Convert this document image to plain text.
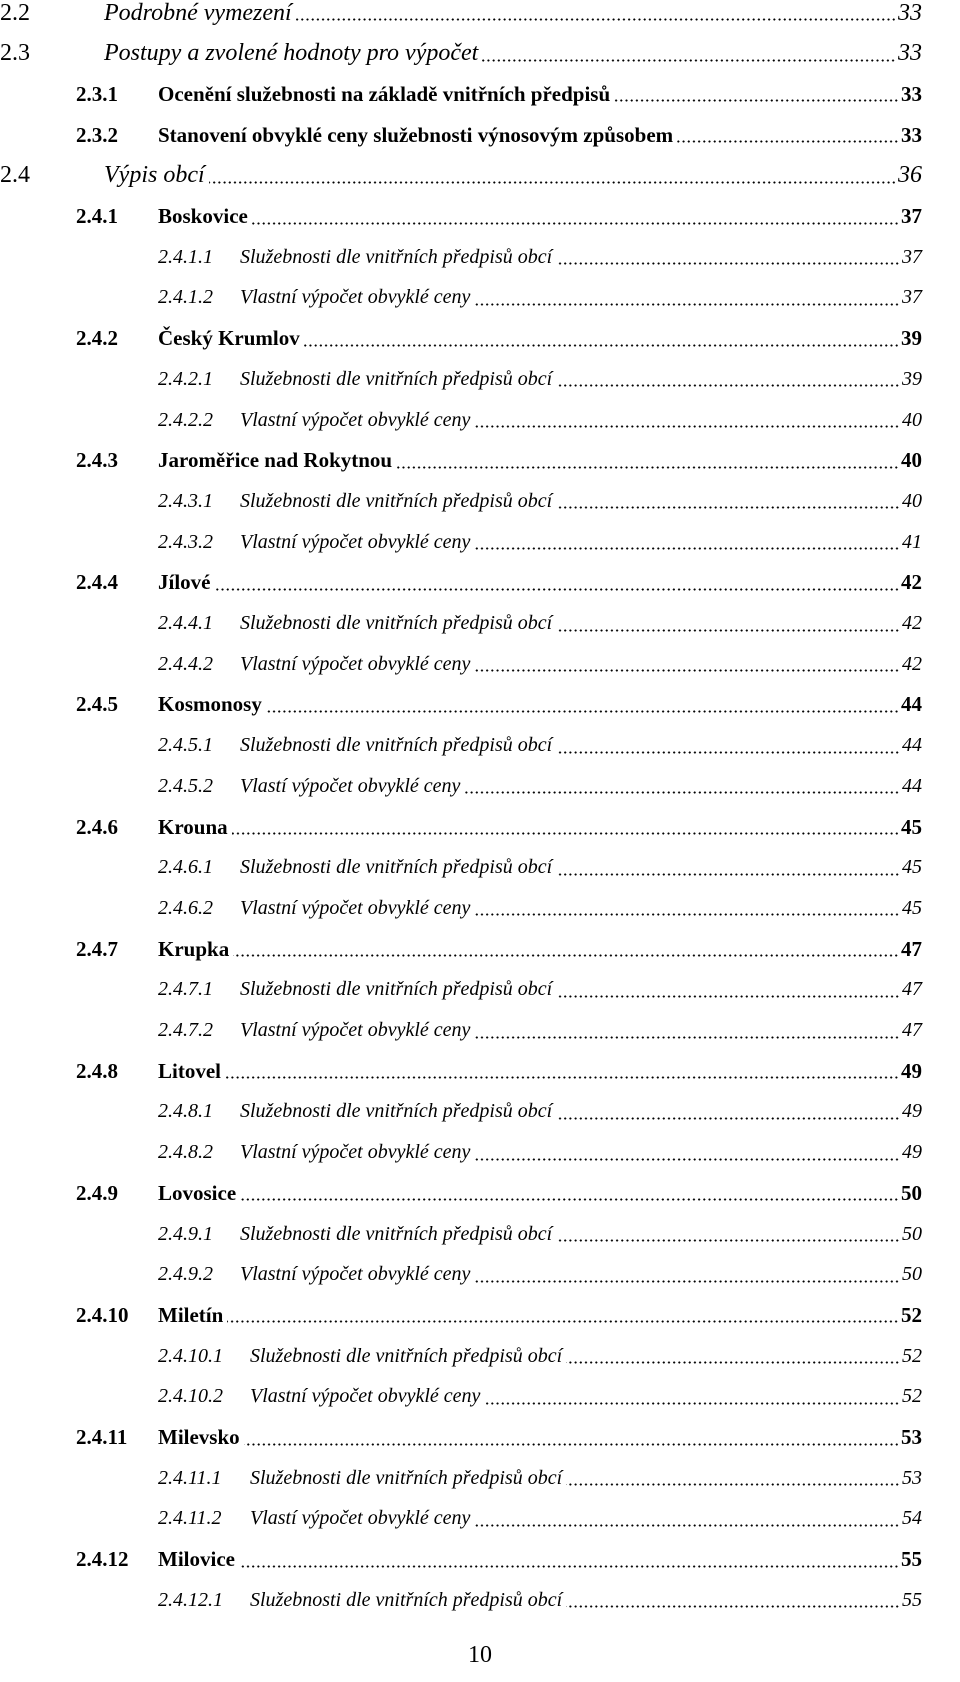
2.2	Podrobné vymezení	33
2.3	Postupy a zvolené hodnoty pro výpočet	33
2.3.1	Ocenění služebnosti na základě vnitřních předpisů	33
2.3.2	Stanovení obvyklé ceny služebnosti výnosovým způsobem	33
2.4	Výpis obcí	36
2.4.1	Boskovice	37
2.4.1.1	Služebnosti dle vnitřních předpisů obcí	37
2.4.1.2	Vlastní výpočet obvyklé ceny	37
2.4.2	Český Krumlov	39
2.4.2.1	Služebnosti dle vnitřních předpisů obcí	39
2.4.2.2	Vlastní výpočet obvyklé ceny	40
2.4.3	Jaroměřice nad Rokytnou	40
2.4.3.1	Služebnosti dle vnitřních předpisů obcí	40
2.4.3.2	Vlastní výpočet obvyklé ceny	41
2.4.4	Jílové	42
2.4.4.1	Služebnosti dle vnitřních předpisů obcí	42
2.4.4.2	Vlastní výpočet obvyklé ceny	42
2.4.5	Kosmonosy	44
2.4.5.1	Služebnosti dle vnitřních předpisů obcí	44
2.4.5.2	Vlastí výpočet obvyklé ceny	44
2.4.6	Krouna	45
2.4.6.1	Služebnosti dle vnitřních předpisů obcí	45
2.4.6.2	Vlastní výpočet obvyklé ceny	45
2.4.7	Krupka	47
2.4.7.1	Služebnosti dle vnitřních předpisů obcí	47
2.4.7.2	Vlastní výpočet obvyklé ceny	47
2.4.8	Litovel	49
2.4.8.1	Služebnosti dle vnitřních předpisů obcí	49
2.4.8.2	Vlastní výpočet obvyklé ceny	49
2.4.9	Lovosice	50
2.4.9.1	Služebnosti dle vnitřních předpisů obcí	50
2.4.9.2	Vlastní výpočet obvyklé ceny	50
2.4.10	Miletín	52
2.4.10.1	Služebnosti dle vnitřních předpisů obcí	52
2.4.10.2	Vlastní výpočet obvyklé ceny	52
2.4.11	Milevsko	53
2.4.11.1	Služebnosti dle vnitřních předpisů obcí	53
2.4.11.2	Vlastí výpočet obvyklé ceny	54
2.4.12	Milovice	55
2.4.12.1	Služebnosti dle vnitřních předpisů obcí	55
10
